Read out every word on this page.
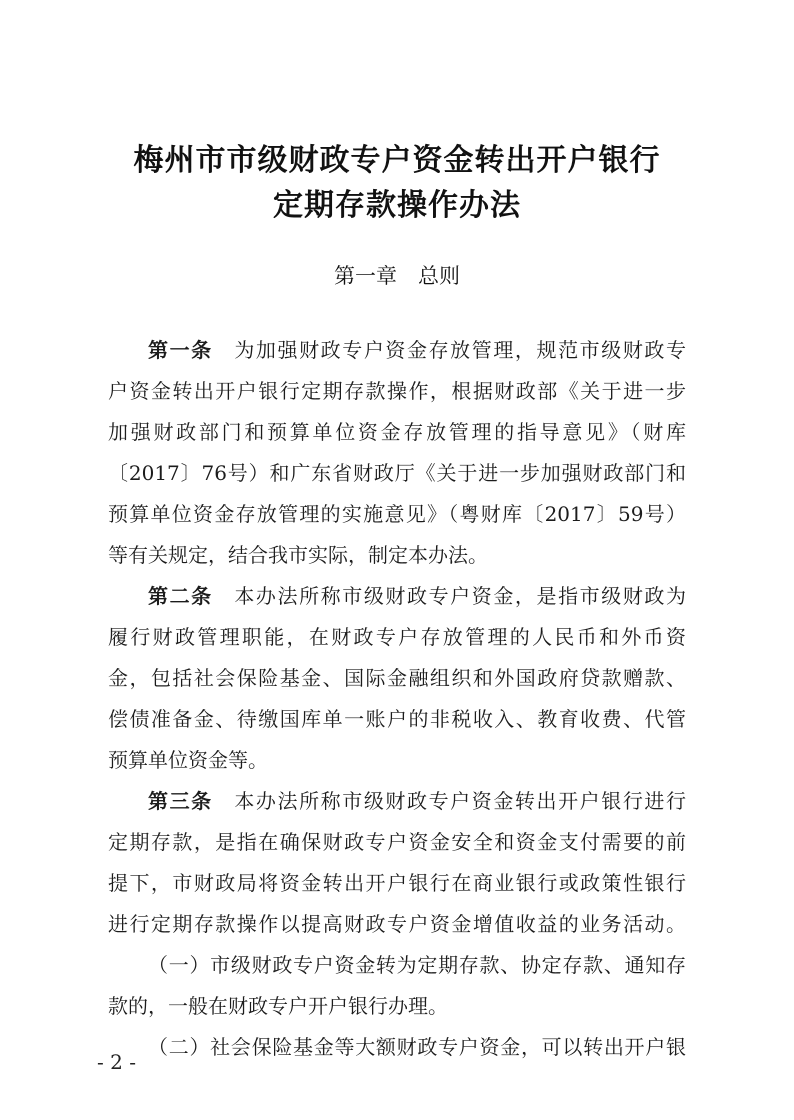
梅州市市级财政专户资金转出开户银行
定期存款操作办法
第一章　总则
第一条　 为加强财政专户资金存放管理，规范市级财政专
户资金转出开户银行定期存款操作，根据财政部《关于进一步
加强财政部门和预算单位资金存放管理的指导意见》（财库
〔2017〕76号）和广东省财政厅《关于进一步加强财政部门和
预算单位资金存放管理的实施意见》（粤财库〔2017〕59号）
等有关规定，结合我市实际，制定本办法。
第二条　 本办法所称市级财政专户资金，是指市级财政为
履行财政管理职能，在财政专户存放管理的人民币和外币资
金，包括社会保险基金、国际金融组织和外国政府贷款赠款、
偿债准备金、待缴国库单一账户的非税收入、教育收费、代管
预算单位资金等。
第三条　 本办法所称市级财政专户资金转出开户银行进行
定期存款，是指在确保财政专户资金安全和资金支付需要的前
提下，市财政局将资金转出开户银行在商业银行或政策性银行
进行定期存款操作以提高财政专户资金增值收益的业务活动。
（一）市级财政专户资金转为定期存款、协定存款、通知存
款的，一般在财政专户开户银行办理。
（二）社会保险基金等大额财政专户资金，可以转出开户银
- 2 -
